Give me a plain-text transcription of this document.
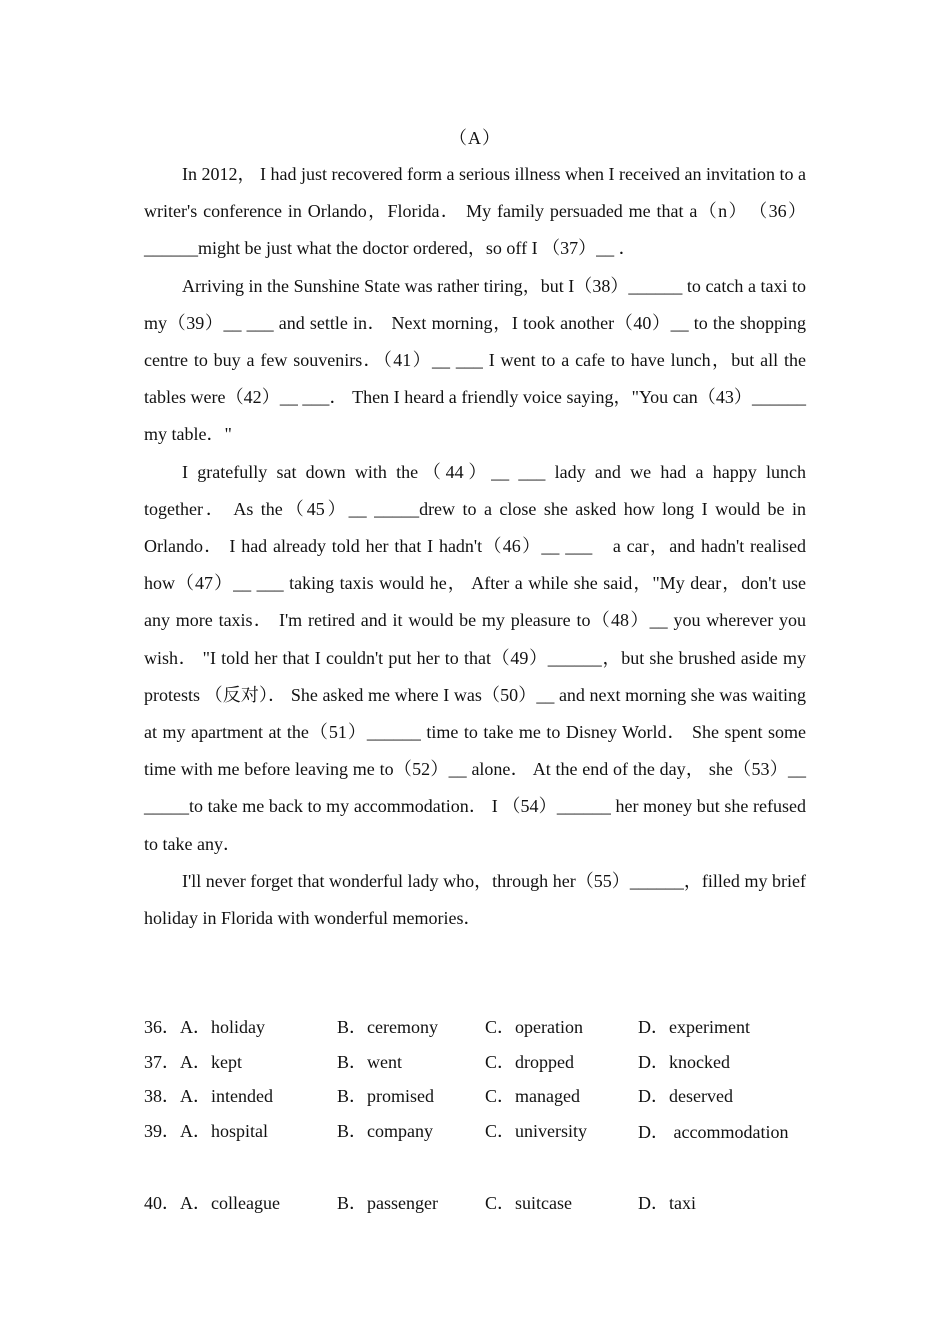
（A）

In 2012， I had just recovered form a serious illness when I received an invitation to a writer's conference in Orlando，Florida． My family persuaded me that a（n）　（36）______might be just what the doctor ordered，so off I （37）__ ．

Arriving in the Sunshine State was rather tiring，but I（38）______ to catch a taxi to my（39）__ ___ and settle in． Next morning，I took another（40）__ to the shopping centre to buy a few souvenirs．（41）__ ___ I went to a cafe to have lunch，but all the tables were（42）__ ___． Then I heard a friendly voice saying，"You can（43）______　my table．"

I gratefully sat down with the（44）__ ___ lady and we had a happy lunch together． As the（45）__ _____drew to a close she asked how long I would be in Orlando． I had already told her that I hadn't（46）__ ___　a car，and hadn't realised how（47）__ ___ taking taxis would he， After a while she said，"My dear，don't use any more taxis． I'm retired and it would be my pleasure to（48）__ you wherever you wish． "I told her that I couldn't put her to that（49）______，but she brushed aside my protests （反对）． She asked me where I was（50）__ and next morning she was waiting at my apartment at the（51）______ time to take me to Disney World． She spent some time with me before leaving me to（52）__ alone． At the end of the day， she（53）__ _____to take me back to my accommodation． I （54）______ her money but she refused to take any．

I'll never forget that wonderful lady who，through her（55）______，filled my brief holiday in Florida with wonderful memories．

36．A．holiday	B．ceremony	C．operation	D．experiment
37．A．kept	B．went	C．dropped	D．knocked
38．A．intended	B．promised	C．managed	D．deserved
39．A．hospital	B．company	C．university	D． accommodation
40．A．colleague	B．passenger	C．suitcase	D．taxi
